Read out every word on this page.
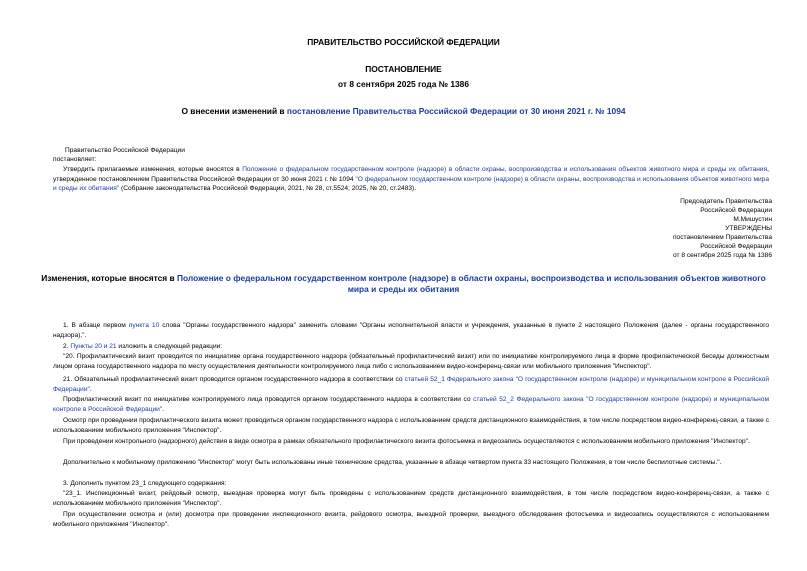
ПРАВИТЕЛЬСТВО РОССИЙСКОЙ ФЕДЕРАЦИИ
ПОСТАНОВЛЕНИЕ
от 8 сентября 2025 года № 1386
О внесении изменений в постановление Правительства Российской Федерации от 30 июня 2021 г. № 1094
Правительство Российской Федерации
постановляет:
Утвердить прилагаемые изменения, которые вносятся в Положение о федеральном государственном контроле (надзоре) в области охраны, воспроизводства и использования объектов животного мира и среды их обитания, утвержденное постановлением Правительства Российской Федерации от 30 июня 2021 г. № 1094 "О федеральном государственном контроле (надзоре) в области охраны, воспроизводства и использования объектов животного мира и среды их обитания" (Собрание законодательства Российской Федерации, 2021, № 28, ст.5524; 2025, № 20, ст.2483).
Председатель Правительства
Российской Федерации
М.Мишустин
УТВЕРЖДЕНЫ
постановлением Правительства
Российской Федерации
от 8 сентября 2025 года № 1386
Изменения, которые вносятся в Положение о федеральном государственном контроле (надзоре) в области охраны, воспроизводства и использования объектов животного мира и среды их обитания
1. В абзаце первом пункта 10 слова "Органы государственного надзора" заменить словами "Органы исполнительной власти и учреждения, указанные в пункте 2 настоящего Положения (далее - органы государственного надзора),".
2. Пункты 20 и 21 изложить в следующей редакции:
"20. Профилактический визит проводится по инициативе органа государственного надзора (обязательный профилактический визит) или по инициативе контролируемого лица в форме профилактической беседы должностным лицом органа государственного надзора по месту осуществления деятельности контролируемого лица либо с использованием видео-конференц-связи или мобильного приложения "Инспектор".
21. Обязательный профилактический визит проводится органом государственного надзора в соответствии со статьей 52_1 Федерального закона "О государственном контроле (надзоре) и муниципальном контроле в Российской Федерации".
Профилактический визит по инициативе контролируемого лица проводится органом государственного надзора в соответствии со статьей 52_2 Федерального закона "О государственном контроле (надзоре) и муниципальном контроле в Российской Федерации".
Осмотр при проведении профилактического визита может проводиться органом государственного надзора с использованием средств дистанционного взаимодействия, в том числе посредством видео-конференц-связи, а также с использованием мобильного приложения "Инспектор".
При проведении контрольного (надзорного) действия в виде осмотра в рамках обязательного профилактического визита фотосъемка и видеозапись осуществляются с использованием мобильного приложения "Инспектор".
Дополнительно к мобильному приложению "Инспектор" могут быть использованы иные технические средства, указанные в абзаце четвертом пункта 33 настоящего Положения, в том числе беспилотные системы.".
3. Дополнить пунктом 23_1 следующего содержания:
"23_1. Инспекционный визит, рейдовый осмотр, выездная проверка могут быть проведены с использованием средств дистанционного взаимодействия, в том числе посредством видео-конференц-связи, а также с использованием мобильного приложения "Инспектор".
При осуществлении осмотра и (или) досмотра при проведении инспекционного визита, рейдового осмотра, выездной проверки, выездного обследования фотосъемка и видеозапись осуществляются с использованием мобильного приложения "Инспектор".
